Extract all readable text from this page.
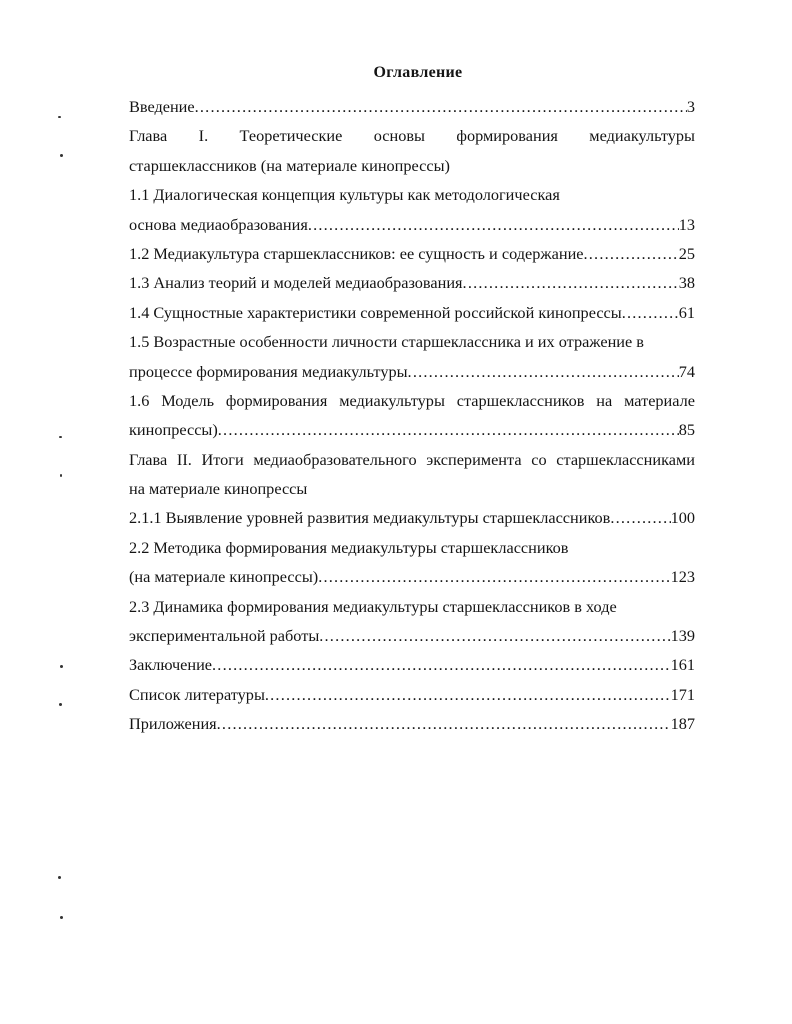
Оглавление
Введение .....	3
Глава I. Теоретические основы формирования медиакультуры
старшеклассников (на материале кинопрессы)
1.1 Диалогическая концепция культуры как методологическая
основа медиаобразования .....	13
1.2 Медиакультура старшеклассников: ее сущность и содержание .....	25
1.3 Анализ теорий и моделей медиаобразования .....	38
1.4 Сущностные характеристики современной российской кинопрессы .....	61
1.5 Возрастные особенности личности старшеклассника и их отражение в
процессе формирования медиакультуры .....	74
1.6 Модель формирования медиакультуры старшеклассников на материале
кинопрессы) .....	85
Глава II. Итоги медиаобразовательного эксперимента со старшеклассниками
на материале кинопрессы
2.1.1 Выявление уровней развития медиакультуры старшеклассников .....	100
2.2 Методика формирования медиакультуры старшеклассников
(на материале кинопрессы) .....	123
2.3 Динамика формирования медиакультуры старшеклассников в ходе
экспериментальной работы .....	139
Заключение .....	161
Список литературы .....	171
Приложения .....	187
